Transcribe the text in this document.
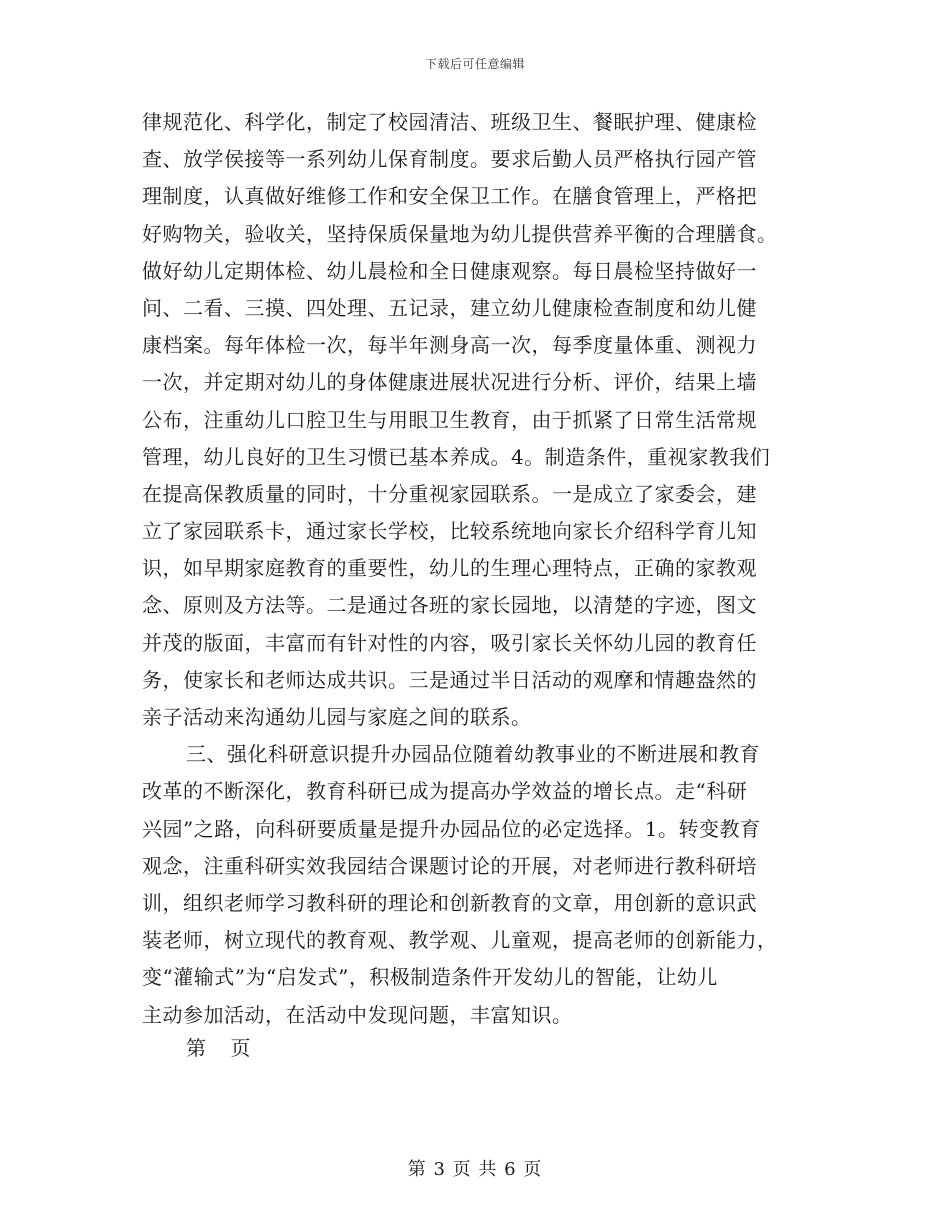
下载后可任意编辑
律规范化、科学化，制定了校园清洁、班级卫生、餐眠护理、健康检
查、放学侯接等一系列幼儿保育制度。要求后勤人员严格执行园产管
理制度，认真做好维修工作和安全保卫工作。在膳食管理上，严格把
好购物关，验收关，坚持保质保量地为幼儿提供营养平衡的合理膳食。
做好幼儿定期体检、幼儿晨检和全日健康观察。每日晨检坚持做好一
问、二看、三摸、四处理、五记录，建立幼儿健康检查制度和幼儿健
康档案。每年体检一次，每半年测身高一次，每季度量体重、测视力
一次，并定期对幼儿的身体健康进展状况进行分析、评价，结果上墙
公布，注重幼儿口腔卫生与用眼卫生教育，由于抓紧了日常生活常规
管理，幼儿良好的卫生习惯已基本养成。4。制造条件，重视家教我们
在提高保教质量的同时，十分重视家园联系。一是成立了家委会，建
立了家园联系卡，通过家长学校，比较系统地向家长介绍科学育儿知
识，如早期家庭教育的重要性，幼儿的生理心理特点，正确的家教观
念、原则及方法等。二是通过各班的家长园地，以清楚的字迹，图文
并茂的版面，丰富而有针对性的内容，吸引家长关怀幼儿园的教育任
务，使家长和老师达成共识。三是通过半日活动的观摩和情趣盎然的
亲子活动来沟通幼儿园与家庭之间的联系。
三、强化科研意识提升办园品位随着幼教事业的不断进展和教育
改革的不断深化，教育科研已成为提高办学效益的增长点。走“科研
兴园”之路，向科研要质量是提升办园品位的必定选择。1。转变教育
观念，注重科研实效我园结合课题讨论的开展，对老师进行教科研培
训，组织老师学习教科研的理论和创新教育的文章，用创新的意识武
装老师，树立现代的教育观、教学观、儿童观，提高老师的创新能力，
变“灌输式”为“启发式”，积极制造条件开发幼儿的智能，让幼儿
主动参加活动，在活动中发现问题，丰富知识。
第 页
第 3 页 共 6 页
